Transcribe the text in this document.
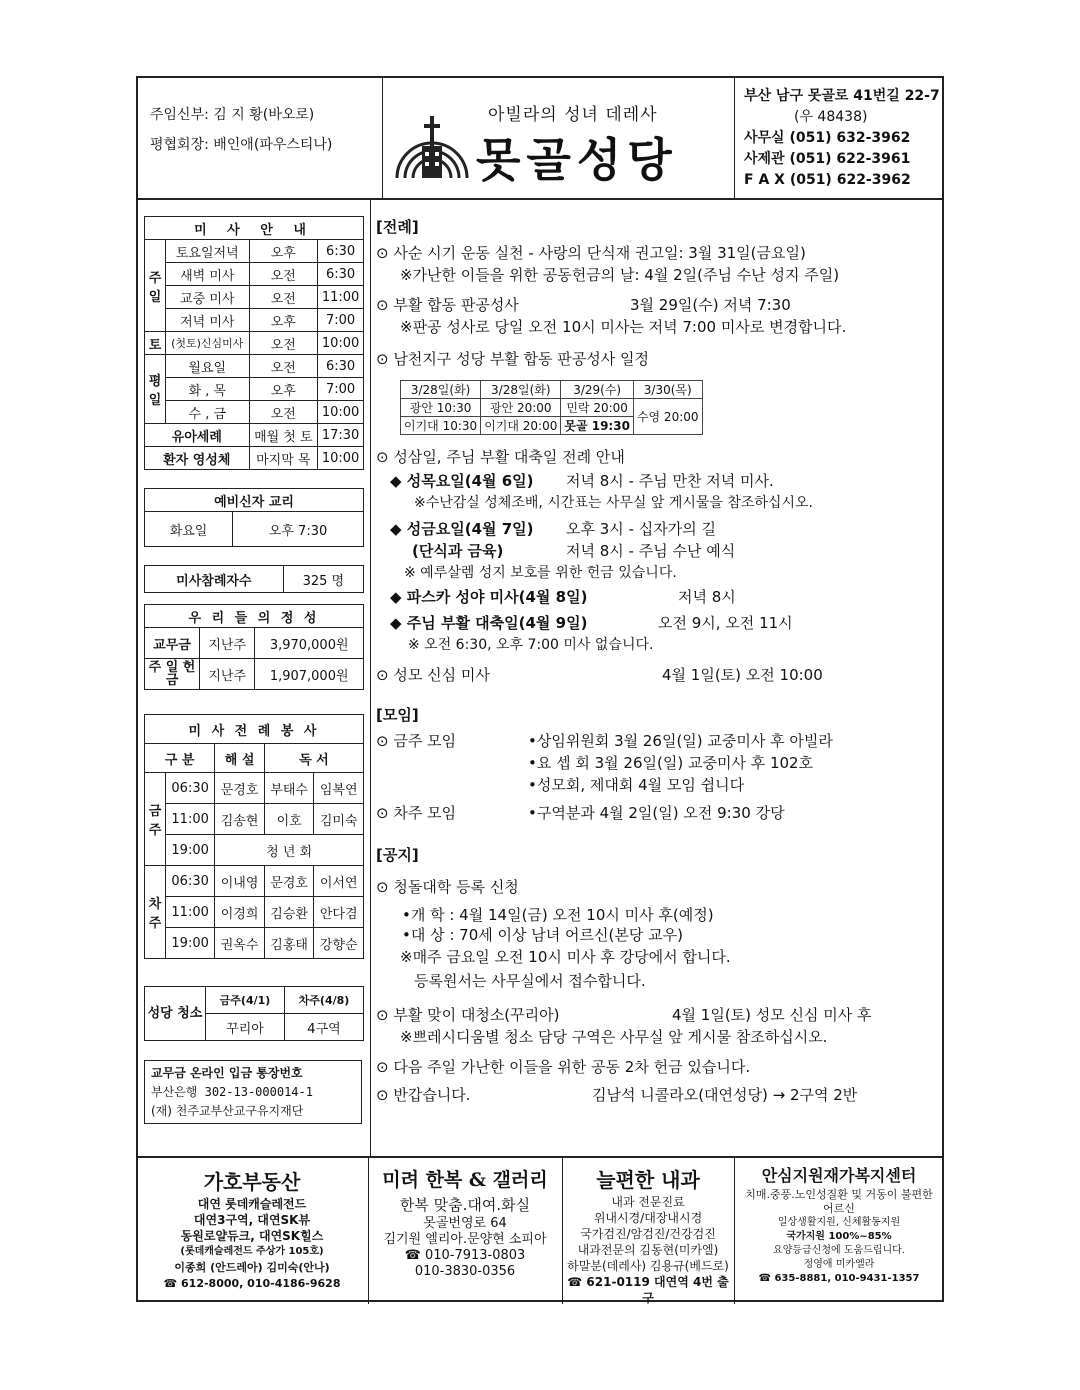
주임신부: 김 지 황(바오로)
평협회장: 배인애(파우스티나)
아빌라의 성녀 데레사
못골성당
부산 남구 못골로 41번길 22-7
(우 48438)
사무실 (051) 632-3962
사제관 (051) 622-3961
F A X (051) 622-3962
미 사 안 내			
주일	토요일저녁	오후	6:30
	새벽 미사	오전	6:30
	교중 미사	오전	11:00
	저녁 미사	오후	7:00
토	(첫토)신심미사	오전	10:00
평일	월요일	오전	6:30
	화 , 목	오후	7:00
	수 , 금	오전	10:00
유아세례		매월 첫 토	17:30
환자 영성체		마지막 목	10:00
예비신자 교리
화요일	오후 7:30
미사참례자수	325 명
우 리 들 의 정 성		
교무금	지난주	3,970,000원
주 일 헌 금	지난주	1,907,000원
미 사 전 례 봉 사				
구 분		해 설	독 서	
금주	06:30	문경호	부태수	임복연
	11:00	김송현	이호	김미숙
	19:00	청 년 회		
차주	06:30	이내영	문경호	이서연
	11:00	이경희	김승환	안다겸
	19:00	권옥수	김홍태	강향순
성당 청소	금주(4/1)	차주(4/8)
	꾸리아	4구역
교무금 온라인 입금 통장번호
부산은행 302-13-000014-1
(재) 천주교부산교구유지재단
[전례]
⊙ 사순 시기 운동 실천 - 사랑의 단식재 권고일: 3월 31일(금요일)
※가난한 이들을 위한 공동헌금의 날: 4월 2일(주님 수난 성지 주일)
⊙ 부활 합동 판공성사	3월 29일(수) 저녁 7:30
※판공 성사로 당일 오전 10시 미사는 저녁 7:00 미사로 변경합니다.
⊙ 남천지구 성당 부활 합동 판공성사 일정
3/28일(화)	3/28일(화)	3/29(수)	3/30(목)
광안 10:30	광안 20:00	민락 20:00	수영 20:00
이기대 10:30	이기대 20:00	못골 19:30	
⊙ 성삼일, 주님 부활 대축일 전례 안내
◆ 성목요일(4월 6일) 저녁 8시 - 주님 만찬 저녁 미사.
※수난감실 성체조배, 시간표는 사무실 앞 게시물을 참조하십시오.
◆ 성금요일(4월 7일) 오후 3시 - 십자가의 길
(단식과 금육)	저녁 8시 - 주님 수난 예식
※ 예루살렘 성지 보호를 위한 헌금 있습니다.
◆ 파스카 성야 미사(4월 8일)	저녁 8시
◆ 주님 부활 대축일(4월 9일)	오전 9시, 오전 11시
※ 오전 6:30, 오후 7:00 미사 없습니다.
⊙ 성모 신심 미사	4월 1일(토) 오전 10:00
[모임]
⊙ 금주 모임	•상임위원회 3월 26일(일) 교중미사 후 아빌라
•요 셉 회 3월 26일(일) 교중미사 후 102호
•성모회, 제대회 4월 모임 쉽니다
⊙ 차주 모임	•구역분과 4월 2일(일) 오전 9:30 강당
[공지]
⊙ 청돌대학 등록 신청
•개 학 : 4월 14일(금) 오전 10시 미사 후(예정)
•대 상 : 70세 이상 남녀 어르신(본당 교우)
※매주 금요일 오전 10시 미사 후 강당에서 합니다.
등록원서는 사무실에서 접수합니다.
⊙ 부활 맞이 대청소(꾸리아)	4월 1일(토) 성모 신심 미사 후
※쁘레시디움별 청소 담당 구역은 사무실 앞 게시물 참조하십시오.
⊙ 다음 주일 가난한 이들을 위한 공동 2차 헌금 있습니다.
⊙ 반갑습니다.	김남석 니콜라오(대연성당) → 2구역 2반
가호부동산
대연 롯데캐슬레전드
대연3구역, 대연SK뷰
동원로얄듀크, 대연SK힐스
(롯데캐슬레전드 주상가 105호)
이종희 (안드레아) 김미숙(안나)
☎ 612-8000, 010-4186-9628
미려 한복 & 갤러리
한복 맞춤.대여.화실
못골번영로 64
김기원 엘리아.문양현 소피아
☎ 010-7913-0803
010-3830-0356
늘편한 내과
내과 전문진료
위내시경/대장내시경
국가검진/암검진/건강검진
내과전문의 김동현(미카엘)
하말분(데레사) 김용규(베드로)
☎ 621-0119 대연역 4번 출구
안심지원재가복지센터
치매.중풍.노인성질환 및 거동이 불편한
어르신
일상생활지원, 신체활동지원
국가지원 100%~85%
요양등급신청에 도움드립니다.
정영애 미카엘라
☎ 635-8881, 010-9431-1357
